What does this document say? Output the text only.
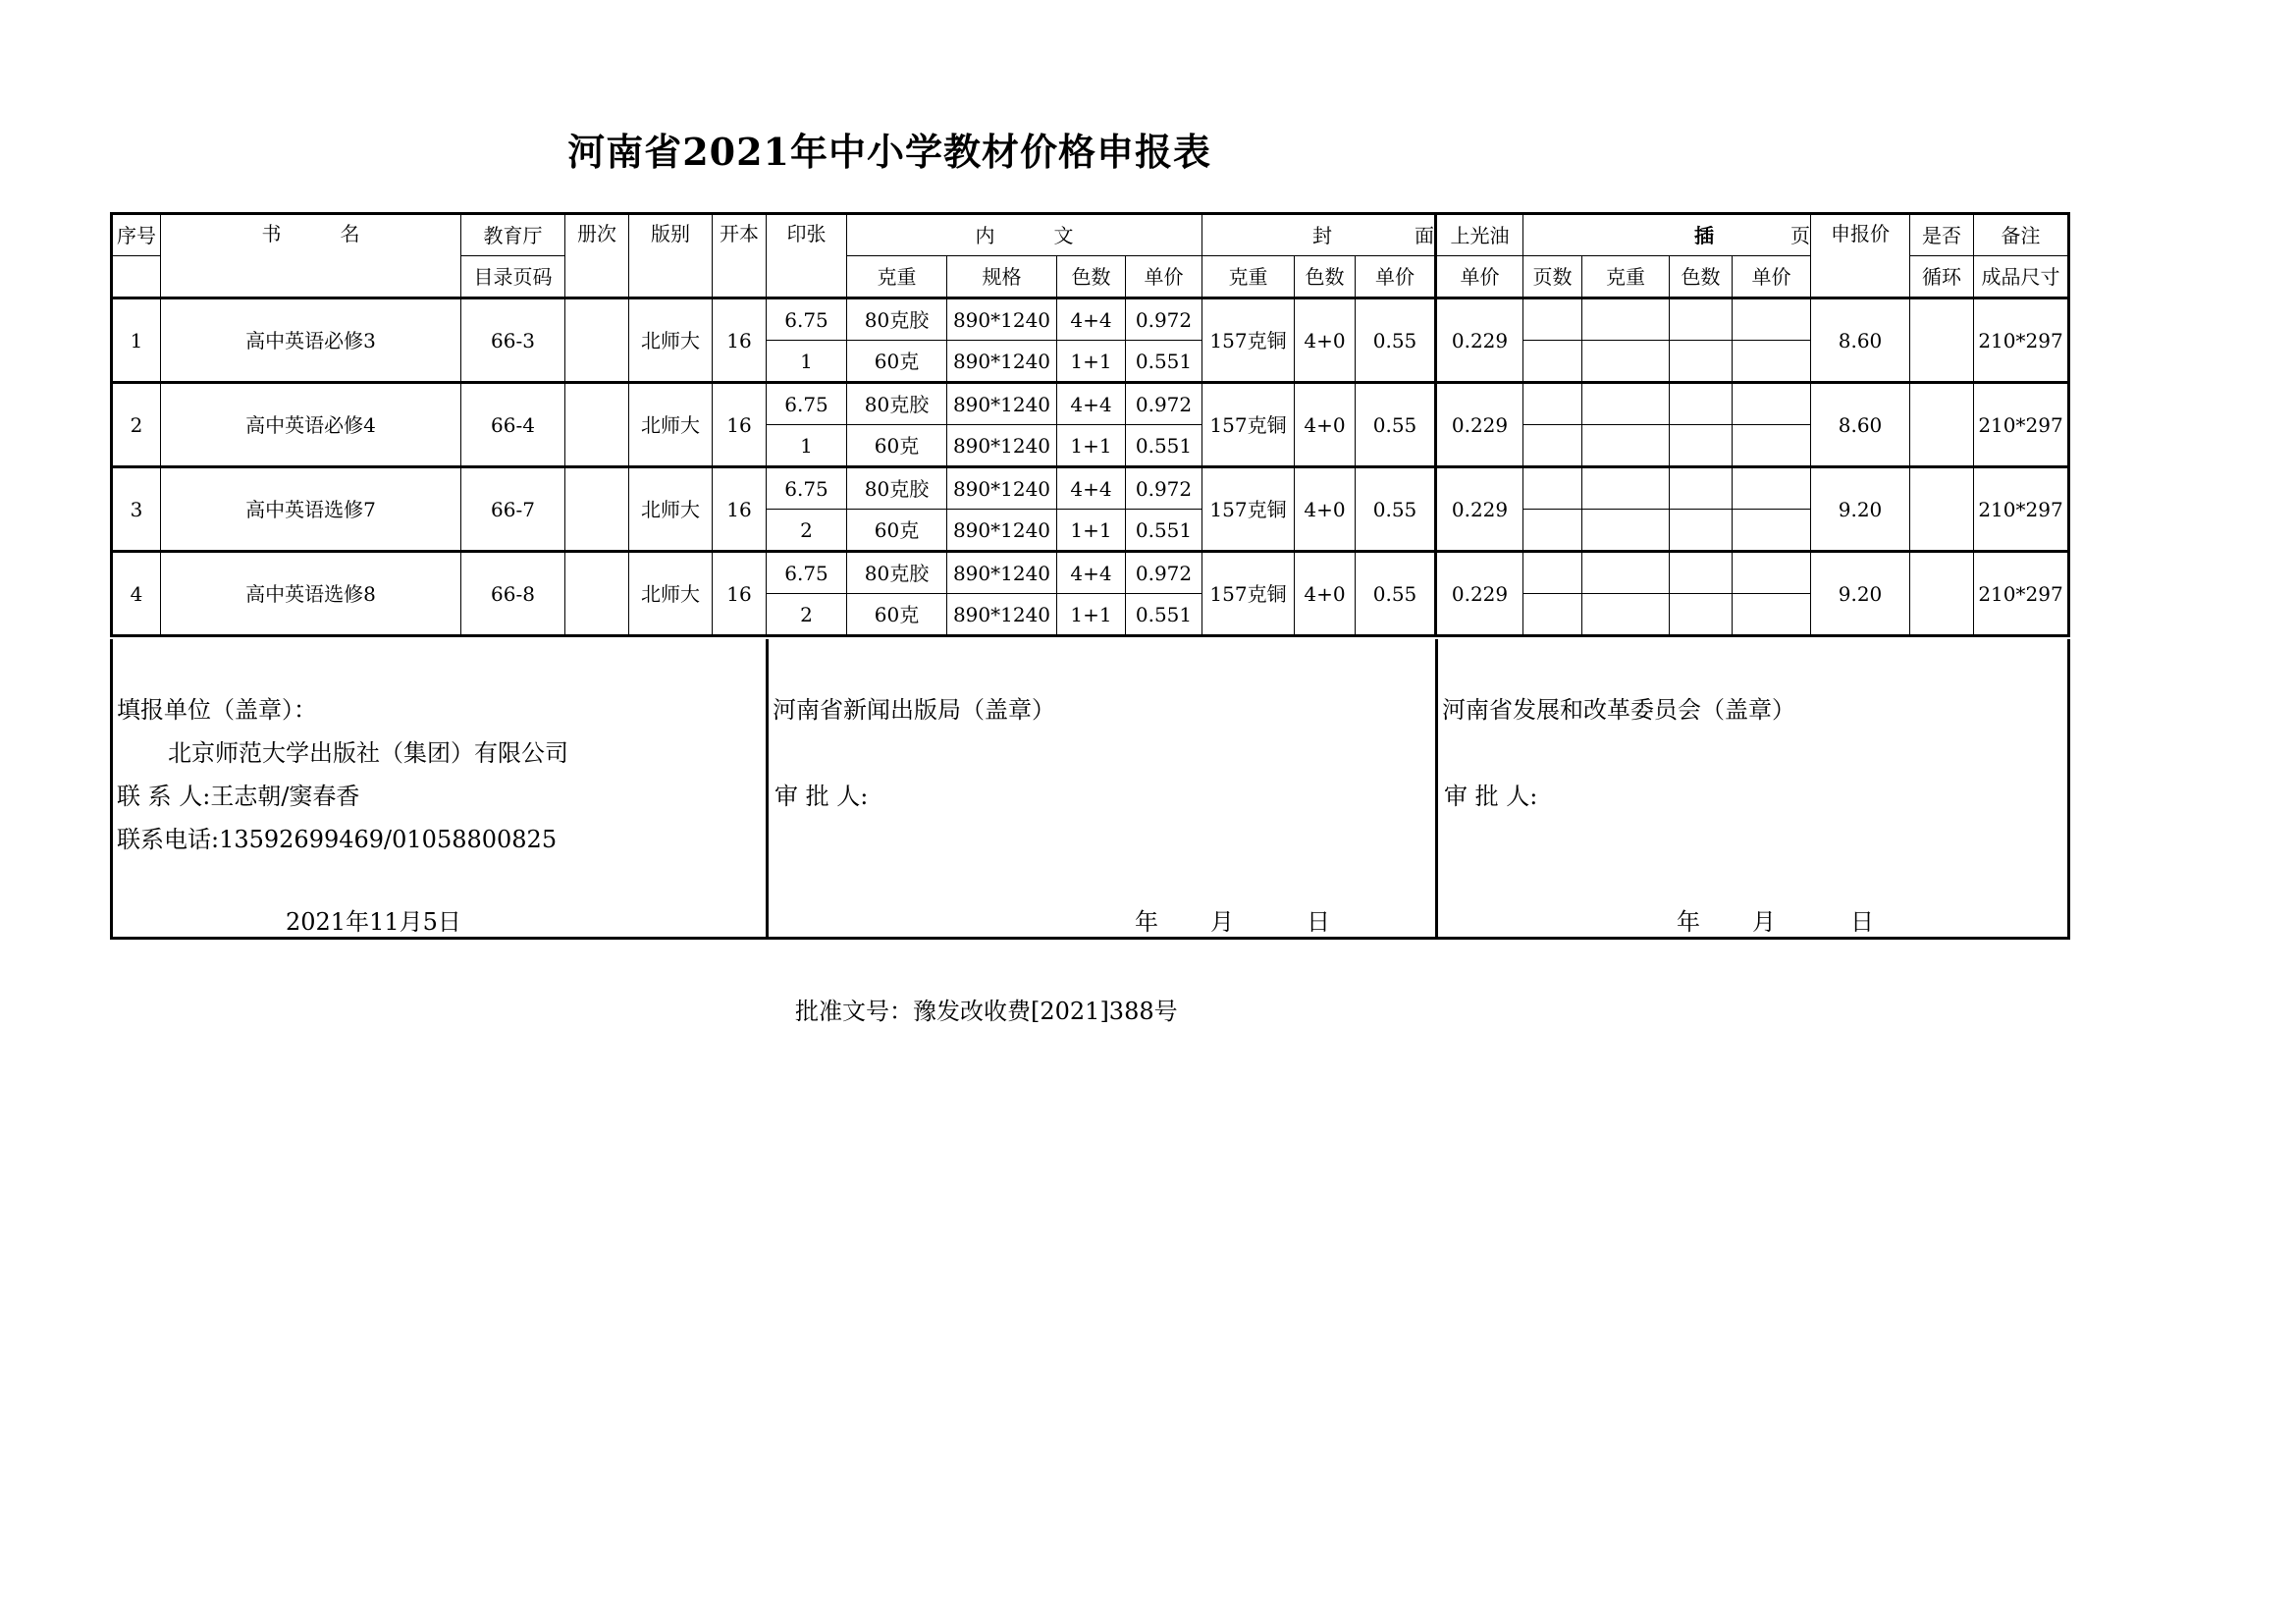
河南省2021年中小学教材价格申报表
序号	书　　　名	教育厅	册次	版别	开本	印张	内　　　文				封 面			上光油	插 页				申报价	是否	备注
		目录页码					克重	规格	色数	单价	克重	色数	单价	单价	页数	克重	色数	单价		循环	成品尺寸
1	高中英语必修3	66-3		北师大	16	6.75	80克胶	890*1240	4+4	0.972	157克铜	4+0	0.55	0.229					8.60		210*297
						1	60克	890*1240	1+1	0.551											
2	高中英语必修4	66-4		北师大	16	6.75	80克胶	890*1240	4+4	0.972	157克铜	4+0	0.55	0.229					8.60		210*297
						1	60克	890*1240	1+1	0.551											
3	高中英语选修7	66-7		北师大	16	6.75	80克胶	890*1240	4+4	0.972	157克铜	4+0	0.55	0.229					9.20		210*297
						2	60克	890*1240	1+1	0.551											
4	高中英语选修8	66-8		北师大	16	6.75	80克胶	890*1240	4+4	0.972	157克铜	4+0	0.55	0.229					9.20		210*297
						2	60克	890*1240	1+1	0.551											
填报单位（盖章）：
北京师范大学出版社（集团）有限公司
联 系 人:王志朝/窦春香
联系电话:13592699469/01058800825
2021年11月5日

河南省新闻出版局（盖章）
审 批 人:
年 月	日

河南省发展和改革委员会（盖章）
审 批 人:
年 月	日
批准文号：豫发改收费[2021]388号
